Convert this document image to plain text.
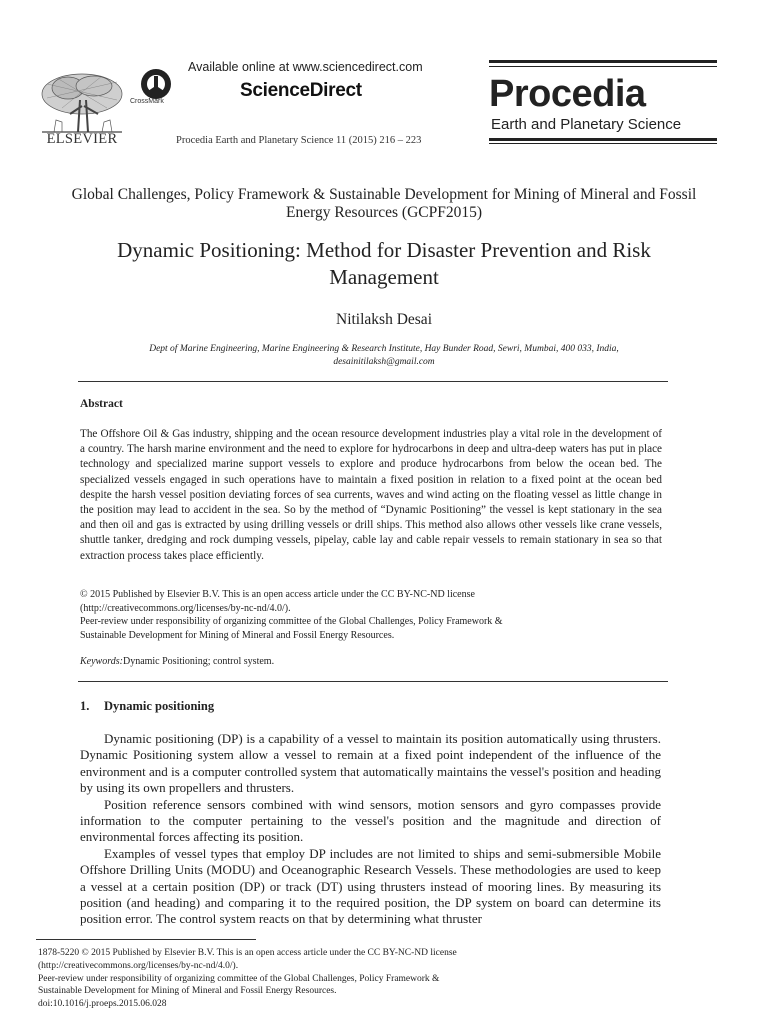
ELSEVIER
CrossMark
Available online at www.sciencedirect.com
ScienceDirect
Procedia Earth and Planetary Science 11 (2015) 216 – 223
Procedia
Earth and Planetary Science
Global Challenges, Policy Framework & Sustainable Development for Mining of Mineral and Fossil Energy Resources (GCPF2015)
Dynamic Positioning: Method for Disaster Prevention and Risk Management
Nitilaksh Desai
Dept of Marine Engineering, Marine Engineering & Research Institute, Hay Bunder Road, Sewri, Mumbai, 400 033, India,
desainitilaksh@gmail.com
Abstract
The Offshore Oil & Gas industry, shipping and the ocean resource development industries play a vital role in the development of a country. The harsh marine environment and the need to explore for hydrocarbons in deep and ultra-deep waters has put in place technology and specialized marine support vessels to explore and produce hydrocarbons from below the ocean bed. The specialized vessels engaged in such operations have to maintain a fixed position in relation to a fixed point at the ocean bed despite the harsh vessel position deviating forces of sea currents, waves and wind acting on the floating vessel as little change in the position may lead to accident in the sea. So by the method of “Dynamic Positioning” the vessel is kept stationary in the sea and then oil and gas is extracted by using drilling vessels or drill ships. This method also allows other vessels like crane vessels, shuttle tanker, dredging and rock dumping vessels, pipelay, cable lay and cable repair vessels to remain stationary in sea so that extraction process takes place efficiently.
© 2015 Published by Elsevier B.V. This is an open access article under the CC BY-NC-ND license
(http://creativecommons.org/licenses/by-nc-nd/4.0/).
Peer-review under responsibility of organizing committee of the Global Challenges, Policy Framework &
Sustainable Development for Mining of Mineral and Fossil Energy Resources.
Keywords:Dynamic Positioning; control system.
1. Dynamic positioning

Dynamic positioning (DP) is a capability of a vessel to maintain its position automatically using thrusters. Dynamic Positioning system allow a vessel to remain at a fixed point independent of the influence of the environment and is a computer controlled system that automatically maintains the vessel's position and heading by using its own propellers and thrusters.

Position reference sensors combined with wind sensors, motion sensors and gyro compasses provide information to the computer pertaining to the vessel's position and the magnitude and direction of environmental forces affecting its position.

Examples of vessel types that employ DP includes are not limited to ships and semi-submersible Mobile Offshore Drilling Units (MODU) and Oceanographic Research Vessels. These methodologies are used to keep a vessel at a certain position (DP) or track (DT) using thrusters instead of mooring lines. By measuring its position (and heading) and comparing it to the required position, the DP system on board can determine its position error. The control system reacts on that by determining what thruster

1878-5220 © 2015 Published by Elsevier B.V. This is an open access article under the CC BY-NC-ND license
(http://creativecommons.org/licenses/by-nc-nd/4.0/).
Peer-review under responsibility of organizing committee of the Global Challenges, Policy Framework &
Sustainable Development for Mining of Mineral and Fossil Energy Resources.
doi:10.1016/j.proeps.2015.06.028
